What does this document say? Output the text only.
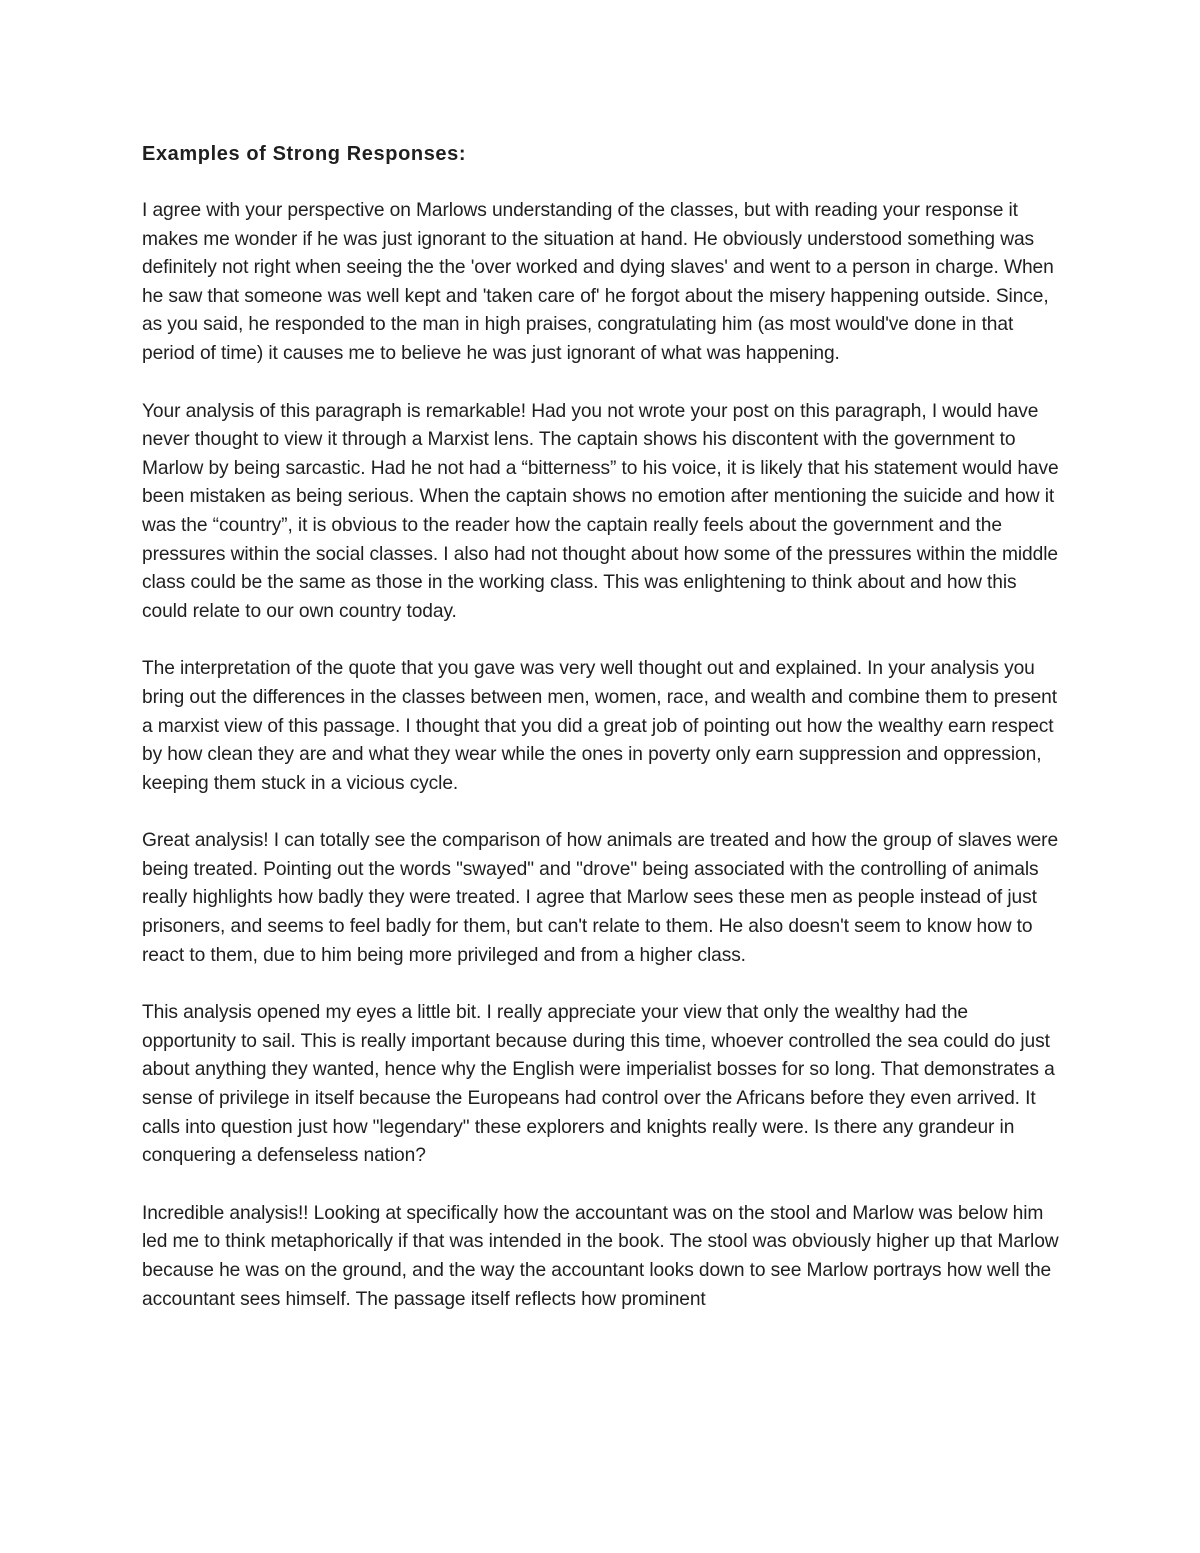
Examples of Strong Responses:

I agree with your perspective on Marlows understanding of the classes, but with reading your response it makes me wonder if he was just ignorant to the situation at hand. He obviously understood something was definitely not right when seeing the the 'over worked and dying slaves' and went to a person in charge. When he saw that someone was well kept and 'taken care of' he forgot about the misery happening outside. Since, as you said, he responded to the man in high praises, congratulating him (as most would've done in that period of time) it causes me to believe he was just ignorant of what was happening.

Your analysis of this paragraph is remarkable! Had you not wrote your post on this paragraph, I would have never thought to view it through a Marxist lens. The captain shows his discontent with the government to Marlow by being sarcastic. Had he not had a “bitterness” to his voice, it is likely that his statement would have been mistaken as being serious. When the captain shows no emotion after mentioning the suicide and how it was the “country”, it is obvious to the reader how the captain really feels about the government and the pressures within the social classes. I also had not thought about how some of the pressures within the middle class could be the same as those in the working class. This was enlightening to think about and how this could relate to our own country today.

The interpretation of the quote that you gave was very well thought out and explained. In your analysis you bring out the differences in the classes between men, women, race, and wealth and combine them to present a marxist view of this passage. I thought that you did a great job of pointing out how the wealthy earn respect by how clean they are and what they wear while the ones in poverty only earn suppression and oppression, keeping them stuck in a vicious cycle.

Great analysis! I can totally see the comparison of how animals are treated and how the group of slaves were being treated. Pointing out the words "swayed" and "drove" being associated with the controlling of animals really highlights how badly they were treated. I agree that Marlow sees these men as people instead of just prisoners, and seems to feel badly for them, but can't relate to them. He also doesn't seem to know how to react to them, due to him being more privileged and from a higher class.

This analysis opened my eyes a little bit. I really appreciate your view that only the wealthy had the opportunity to sail. This is really important because during this time, whoever controlled the sea could do just about anything they wanted, hence why the English were imperialist bosses for so long. That demonstrates a sense of privilege in itself because the Europeans had control over the Africans before they even arrived. It calls into question just how "legendary" these explorers and knights really were. Is there any grandeur in conquering a defenseless nation?

Incredible analysis!! Looking at specifically how the accountant was on the stool and Marlow was below him led me to think metaphorically if that was intended in the book. The stool was obviously higher up that Marlow because he was on the ground, and the way the accountant looks down to see Marlow portrays how well the accountant sees himself. The passage itself reflects how prominent
